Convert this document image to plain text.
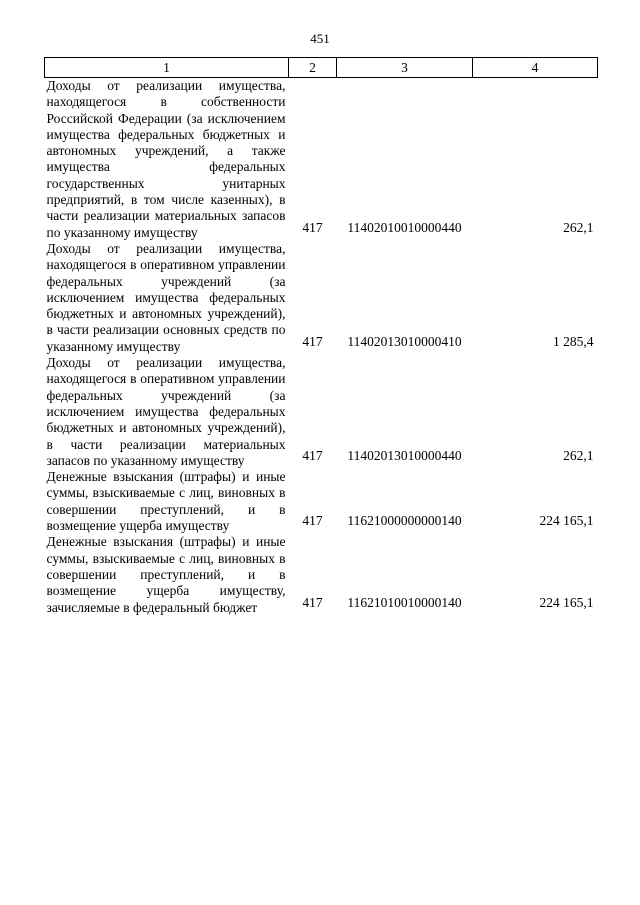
451
1	2	3	4
Доходы от реализации имущества, находящегося в собственности Российской Федерации (за исключением имущества федеральных бюджетных и автономных учреждений, а также имущества федеральных государственных унитарных предприятий, в том числе казенных), в части реализации материальных запасов по указанному имуществу	417	11402010010000440	262,1
Доходы от реализации имущества, находящегося в оперативном управлении федеральных учреждений (за исключением имущества федеральных бюджетных и автономных учреждений), в части реализации основных средств по указанному имуществу	417	11402013010000410	1 285,4
Доходы от реализации имущества, находящегося в оперативном управлении федеральных учреждений (за исключением имущества федеральных бюджетных и автономных учреждений), в части реализации материальных запасов по указанному имуществу	417	11402013010000440	262,1
Денежные взыскания (штрафы) и иные суммы, взыскиваемые с лиц, виновных в совершении преступлений, и в возмещение ущерба имуществу	417	11621000000000140	224 165,1
Денежные взыскания (штрафы) и иные суммы, взыскиваемые с лиц, виновных в совершении преступлений, и в возмещение ущерба имуществу, зачисляемые в федеральный бюджет	417	11621010010000140	224 165,1
